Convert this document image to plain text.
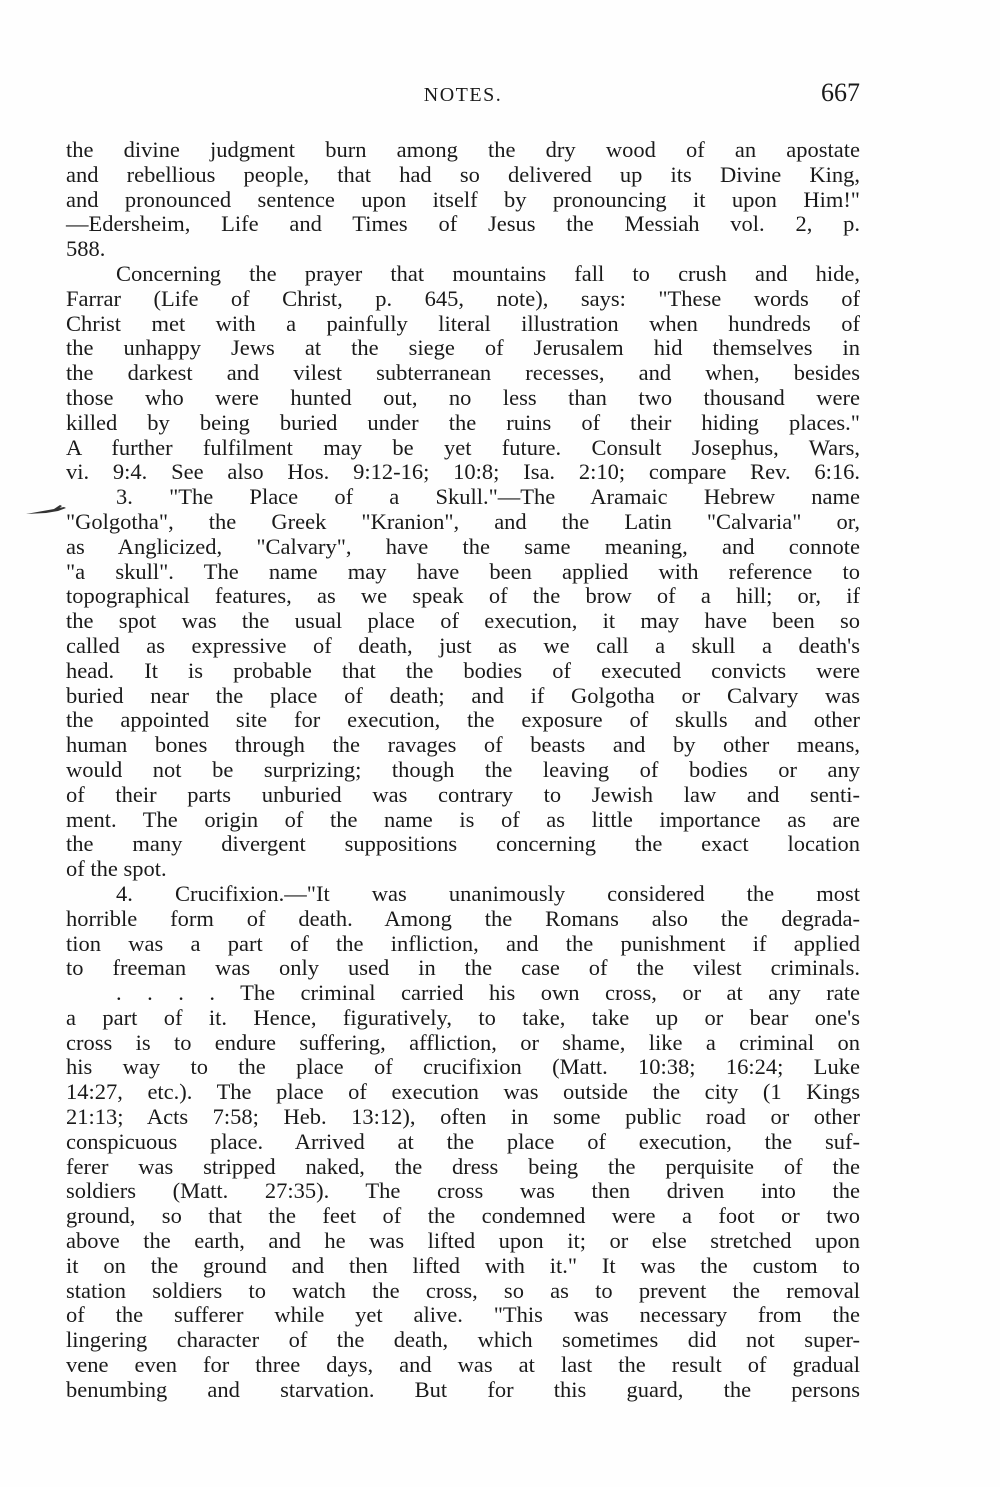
NOTES.	667
the divine judgment burn among the dry wood of an apostate
and rebellious people, that had so delivered up its Divine King,
and pronounced sentence upon itself by pronouncing it upon Him!"
—Edersheim, Life and Times of Jesus the Messiah vol. 2, p.
588.
Concerning the prayer that mountains fall to crush and hide,
Farrar (Life of Christ, p. 645, note), says: "These words of
Christ met with a painfully literal illustration when hundreds of
the unhappy Jews at the siege of Jerusalem hid themselves in
the darkest and vilest subterranean recesses, and when, besides
those who were hunted out, no less than two thousand were
killed by being buried under the ruins of their hiding places."
A further fulfilment may be yet future. Consult Josephus, Wars,
vi. 9:4. See also Hos. 9:12-16; 10:8; Isa. 2:10; compare Rev. 6:16.
3. "The Place of a Skull."—The Aramaic Hebrew name
"Golgotha", the Greek "Kranion", and the Latin "Calvaria" or,
as Anglicized, "Calvary", have the same meaning, and connote
"a skull". The name may have been applied with reference to
topographical features, as we speak of the brow of a hill; or, if
the spot was the usual place of execution, it may have been so
called as expressive of death, just as we call a skull a death's
head. It is probable that the bodies of executed convicts were
buried near the place of death; and if Golgotha or Calvary was
the appointed site for execution, the exposure of skulls and other
human bones through the ravages of beasts and by other means,
would not be surprizing; though the leaving of bodies or any
of their parts unburied was contrary to Jewish law and senti-
ment. The origin of the name is of as little importance as are
the many divergent suppositions concerning the exact location
of the spot.
4. Crucifixion.—"It was unanimously considered the most
horrible form of death. Among the Romans also the degrada-
tion was a part of the infliction, and the punishment if applied
to freeman was only used in the case of the vilest criminals.
. . . . The criminal carried his own cross, or at any rate
a part of it. Hence, figuratively, to take, take up or bear one's
cross is to endure suffering, affliction, or shame, like a criminal on
his way to the place of crucifixion (Matt. 10:38; 16:24; Luke
14:27, etc.). The place of execution was outside the city (1 Kings
21:13; Acts 7:58; Heb. 13:12), often in some public road or other
conspicuous place. Arrived at the place of execution, the suf-
ferer was stripped naked, the dress being the perquisite of the
soldiers (Matt. 27:35). The cross was then driven into the
ground, so that the feet of the condemned were a foot or two
above the earth, and he was lifted upon it; or else stretched upon
it on the ground and then lifted with it." It was the custom to
station soldiers to watch the cross, so as to prevent the removal
of the sufferer while yet alive. "This was necessary from the
lingering character of the death, which sometimes did not super-
vene even for three days, and was at last the result of gradual
benumbing and starvation. But for this guard, the persons
